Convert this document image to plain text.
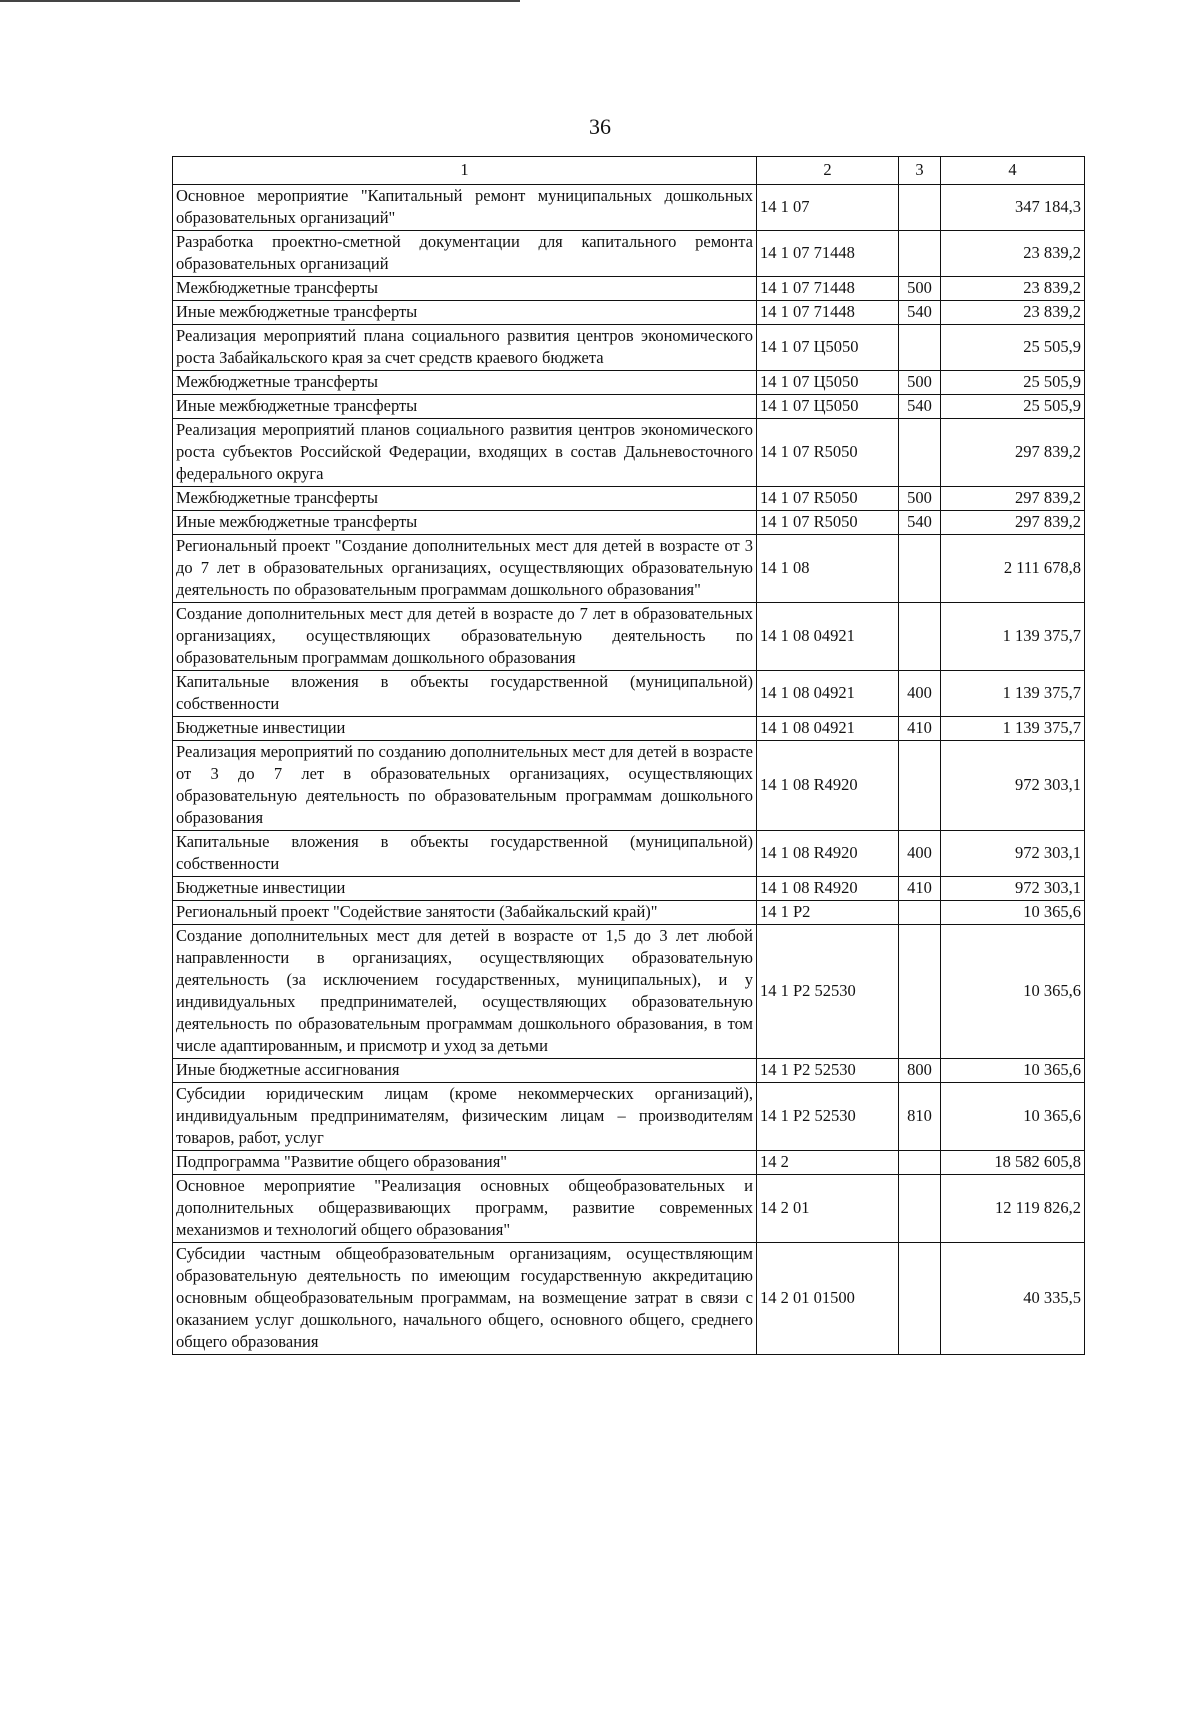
36
1	2	3	4
Основное мероприятие "Капитальный ремонт муниципальных дошкольных образовательных организаций"	14 1 07		347 184,3
Разработка проектно-сметной документации для капитального ремонта образовательных организаций	14 1 07 71448		23 839,2
Межбюджетные трансферты	14 1 07 71448	500	23 839,2
Иные межбюджетные трансферты	14 1 07 71448	540	23 839,2
Реализация мероприятий плана социального развития центров экономического роста Забайкальского края за счет средств краевого бюджета	14 1 07 Ц5050		25 505,9
Межбюджетные трансферты	14 1 07 Ц5050	500	25 505,9
Иные межбюджетные трансферты	14 1 07 Ц5050	540	25 505,9
Реализация мероприятий планов социального развития центров экономического роста субъектов Российской Федерации, входящих в состав Дальневосточного федерального округа	14 1 07 R5050		297 839,2
Межбюджетные трансферты	14 1 07 R5050	500	297 839,2
Иные межбюджетные трансферты	14 1 07 R5050	540	297 839,2
Региональный проект "Создание дополнительных мест для детей в возрасте от 3 до 7 лет в образовательных организациях, осуществляющих образовательную деятельность по образовательным программам дошкольного образования"	14 1 08		2 111 678,8
Создание дополнительных мест для детей в возрасте до 7 лет в образовательных организациях, осуществляющих образовательную деятельность по образовательным программам дошкольного образования	14 1 08 04921		1 139 375,7
Капитальные вложения в объекты государственной (муниципальной) собственности	14 1 08 04921	400	1 139 375,7
Бюджетные инвестиции	14 1 08 04921	410	1 139 375,7
Реализация мероприятий по созданию дополнительных мест для детей в возрасте от 3 до 7 лет в образовательных организациях, осуществляющих образовательную деятельность по образовательным программам дошкольного образования	14 1 08 R4920		972 303,1
Капитальные вложения в объекты государственной (муниципальной) собственности	14 1 08 R4920	400	972 303,1
Бюджетные инвестиции	14 1 08 R4920	410	972 303,1
Региональный проект "Содействие занятости (Забайкальский край)"	14 1 P2		10 365,6
Создание дополнительных мест для детей в возрасте от 1,5 до 3 лет любой направленности в организациях, осуществляющих образовательную деятельность (за исключением государственных, муниципальных), и у индивидуальных предпринимателей, осуществляющих образовательную деятельность по образовательным программам дошкольного образования, в том числе адаптированным, и присмотр и уход за детьми	14 1 P2 52530		10 365,6
Иные бюджетные ассигнования	14 1 P2 52530	800	10 365,6
Субсидии юридическим лицам (кроме некоммерческих организаций), индивидуальным предпринимателям, физическим лицам – производителям товаров, работ, услуг	14 1 P2 52530	810	10 365,6
Подпрограмма "Развитие общего образования"	14 2		18 582 605,8
Основное мероприятие "Реализация основных общеобразовательных и дополнительных общеразвивающих программ, развитие современных механизмов и технологий общего образования"	14 2 01		12 119 826,2
Субсидии частным общеобразовательным организациям, осуществляющим образовательную деятельность по имеющим государственную аккредитацию основным общеобразовательным программам, на возмещение затрат в связи с оказанием услуг дошкольного, начального общего, основного общего, среднего общего образования	14 2 01 01500		40 335,5
